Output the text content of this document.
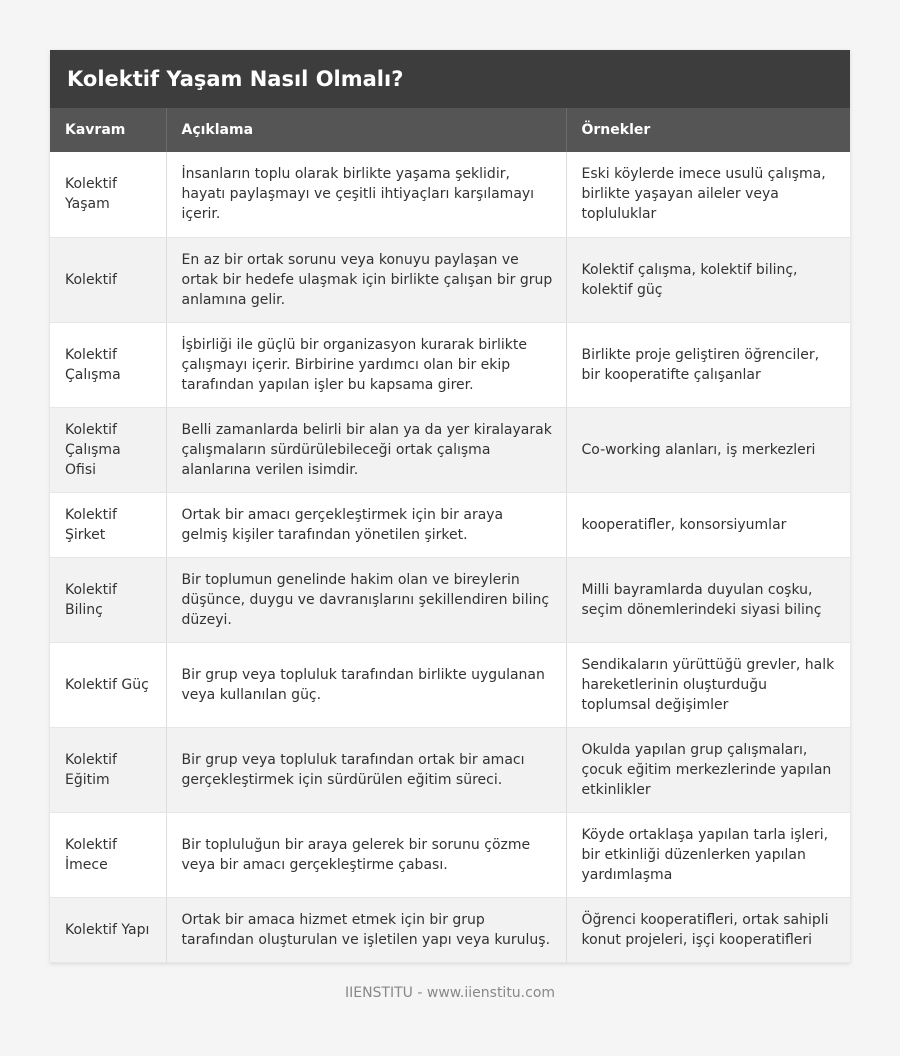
Kolektif Yaşam Nasıl Olmalı?
Kavram	Açıklama	Örnekler
Kolektif Yaşam	İnsanların toplu olarak birlikte yaşama şeklidir, hayatı paylaşmayı ve çeşitli ihtiyaçları karşılamayı içerir.	Eski köylerde imece usulü çalışma, birlikte yaşayan aileler veya topluluklar
Kolektif	En az bir ortak sorunu veya konuyu paylaşan ve ortak bir hedefe ulaşmak için birlikte çalışan bir grup anlamına gelir.	Kolektif çalışma, kolektif bilinç, kolektif güç
Kolektif Çalışma	İşbirliği ile güçlü bir organizasyon kurarak birlikte çalışmayı içerir. Birbirine yardımcı olan bir ekip tarafından yapılan işler bu kapsama girer.	Birlikte proje geliştiren öğrenciler, bir kooperatifte çalışanlar
Kolektif Çalışma Ofisi	Belli zamanlarda belirli bir alan ya da yer kiralayarak çalışmaların sürdürülebileceği ortak çalışma alanlarına verilen isimdir.	Co-working alanları, iş merkezleri
Kolektif Şirket	Ortak bir amacı gerçekleştirmek için bir araya gelmiş kişiler tarafından yönetilen şirket.	kooperatifler, konsorsiyumlar
Kolektif Bilinç	Bir toplumun genelinde hakim olan ve bireylerin düşünce, duygu ve davranışlarını şekillendiren bilinç düzeyi.	Milli bayramlarda duyulan coşku, seçim dönemlerindeki siyasi bilinç
Kolektif Güç	Bir grup veya topluluk tarafından birlikte uygulanan veya kullanılan güç.	Sendikaların yürüttüğü grevler, halk hareketlerinin oluşturduğu toplumsal değişimler
Kolektif Eğitim	Bir grup veya topluluk tarafından ortak bir amacı gerçekleştirmek için sürdürülen eğitim süreci.	Okulda yapılan grup çalışmaları, çocuk eğitim merkezlerinde yapılan etkinlikler
Kolektif İmece	Bir topluluğun bir araya gelerek bir sorunu çözme veya bir amacı gerçekleştirme çabası.	Köyde ortaklaşa yapılan tarla işleri, bir etkinliği düzenlerken yapılan yardımlaşma
Kolektif Yapı	Ortak bir amaca hizmet etmek için bir grup tarafından oluşturulan ve işletilen yapı veya kuruluş.	Öğrenci kooperatifleri, ortak sahipli konut projeleri, işçi kooperatifleri
IIENSTITU - www.iienstitu.com
